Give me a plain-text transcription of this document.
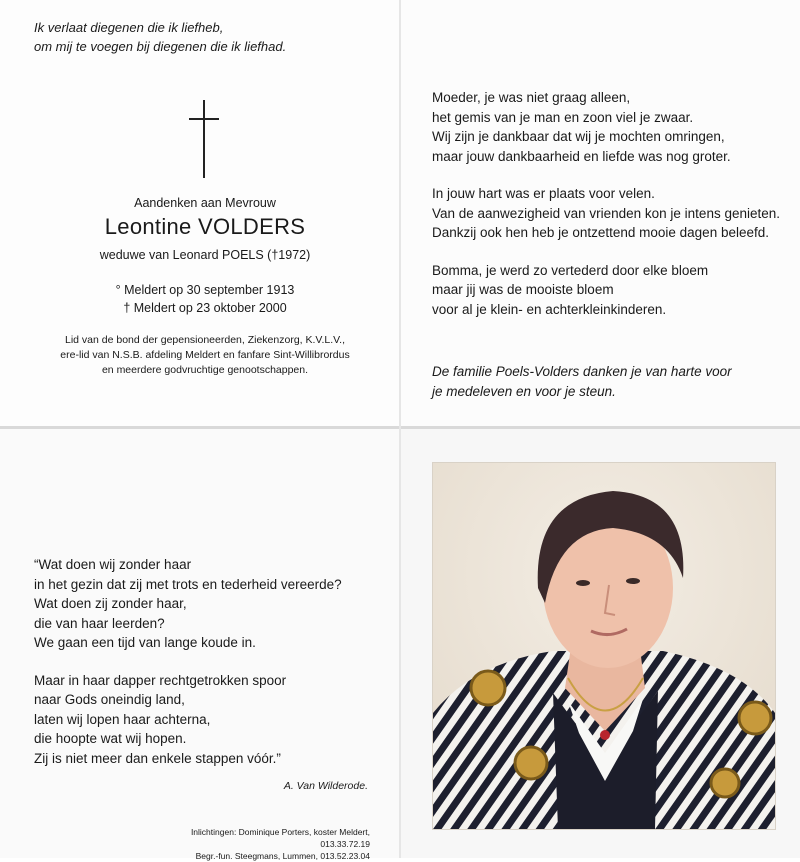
Ik verlaat diegenen die ik liefheb,
om mij te voegen bij diegenen die ik liefhad.
Aandenken aan Mevrouw
Leontine VOLDERS
weduwe van Leonard POELS (†1972)
° Meldert op 30 september 1913
† Meldert op 23 oktober 2000
Lid van de bond der gepensioneerden, Ziekenzorg, K.V.L.V.,
ere-lid van N.S.B. afdeling Meldert en fanfare Sint-Willibrordus
en meerdere godvruchtige genootschappen.
Moeder, je was niet graag alleen,
het gemis van je man en zoon viel je zwaar.
Wij zijn je dankbaar dat wij je mochten omringen,
maar jouw dankbaarheid en liefde was nog groter.
In jouw hart was er plaats voor velen.
Van de aanwezigheid van vrienden kon je intens genieten.
Dankzij ook hen heb je ontzettend mooie dagen beleefd.
Bomma, je werd zo vertederd door elke bloem
maar jij was de mooiste bloem
voor al je klein- en achterkleinkinderen.
De familie Poels-Volders danken je van harte voor
je medeleven en voor je steun.
“Wat doen wij zonder haar
in het gezin dat zij met trots en tederheid vereerde?
Wat doen zij zonder haar,
die van haar leerden?
We gaan een tijd van lange koude in.
Maar in haar dapper rechtgetrokken spoor
naar Gods oneindig land,
laten wij lopen haar achterna,
die hoopte wat wij hopen.
Zij is niet meer dan enkele stappen vóór.”
A. Van Wilderode.
Inlichtingen: Dominique Porters, koster Meldert, 013.33.72.19
Begr.-fun. Steegmans, Lummen, 013.52.23.04
